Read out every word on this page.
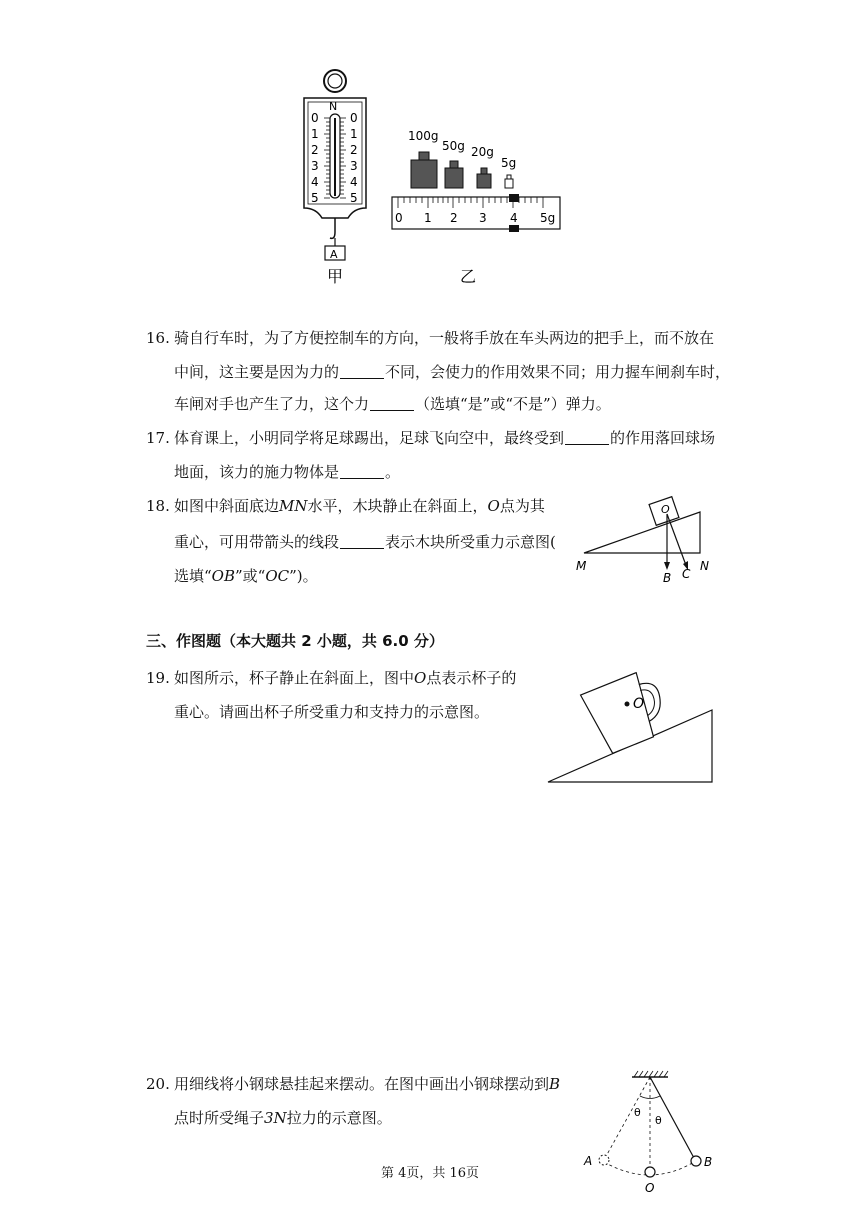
N
0
1
2
3
4
5
0
1
2
3
4
5
A
甲
100g
50g 20g
5g
0 1 2 3 4 5g
乙
16. 骑自行车时，为了方便控制车的方向，一般将手放在车头两边的把手上，而不放在
中间，这主要是因为力的	不同，会使力的作用效果不同；用力握车闸刹车时，
车闸对手也产生了力，这个力	（选填“是”或“不是”）弹力。
17. 体育课上，小明同学将足球踢出，足球飞向空中，最终受到	的作用落回球场
地面，该力的施力物体是	。
18. 如图中斜面底边MN水平，木块静止在斜面上，O点为其
重心，可用带箭头的线段	表示木块所受重力示意图(
选填“OB”或“OC”)。
O
M
B C
N
三、作图题（本大题共 2 小题，共 6.0 分）
19. 如图所示，杯子静止在斜面上，图中O点表示杯子的
重心。请画出杯子所受重力和支持力的示意图。	O
20. 用细线将小钢球悬挂起来摆动。在图中画出小钢球摆动到B
点时所受绳子3N拉力的示意图。	θ
θ
A	B
O
第 4页，共 16页
